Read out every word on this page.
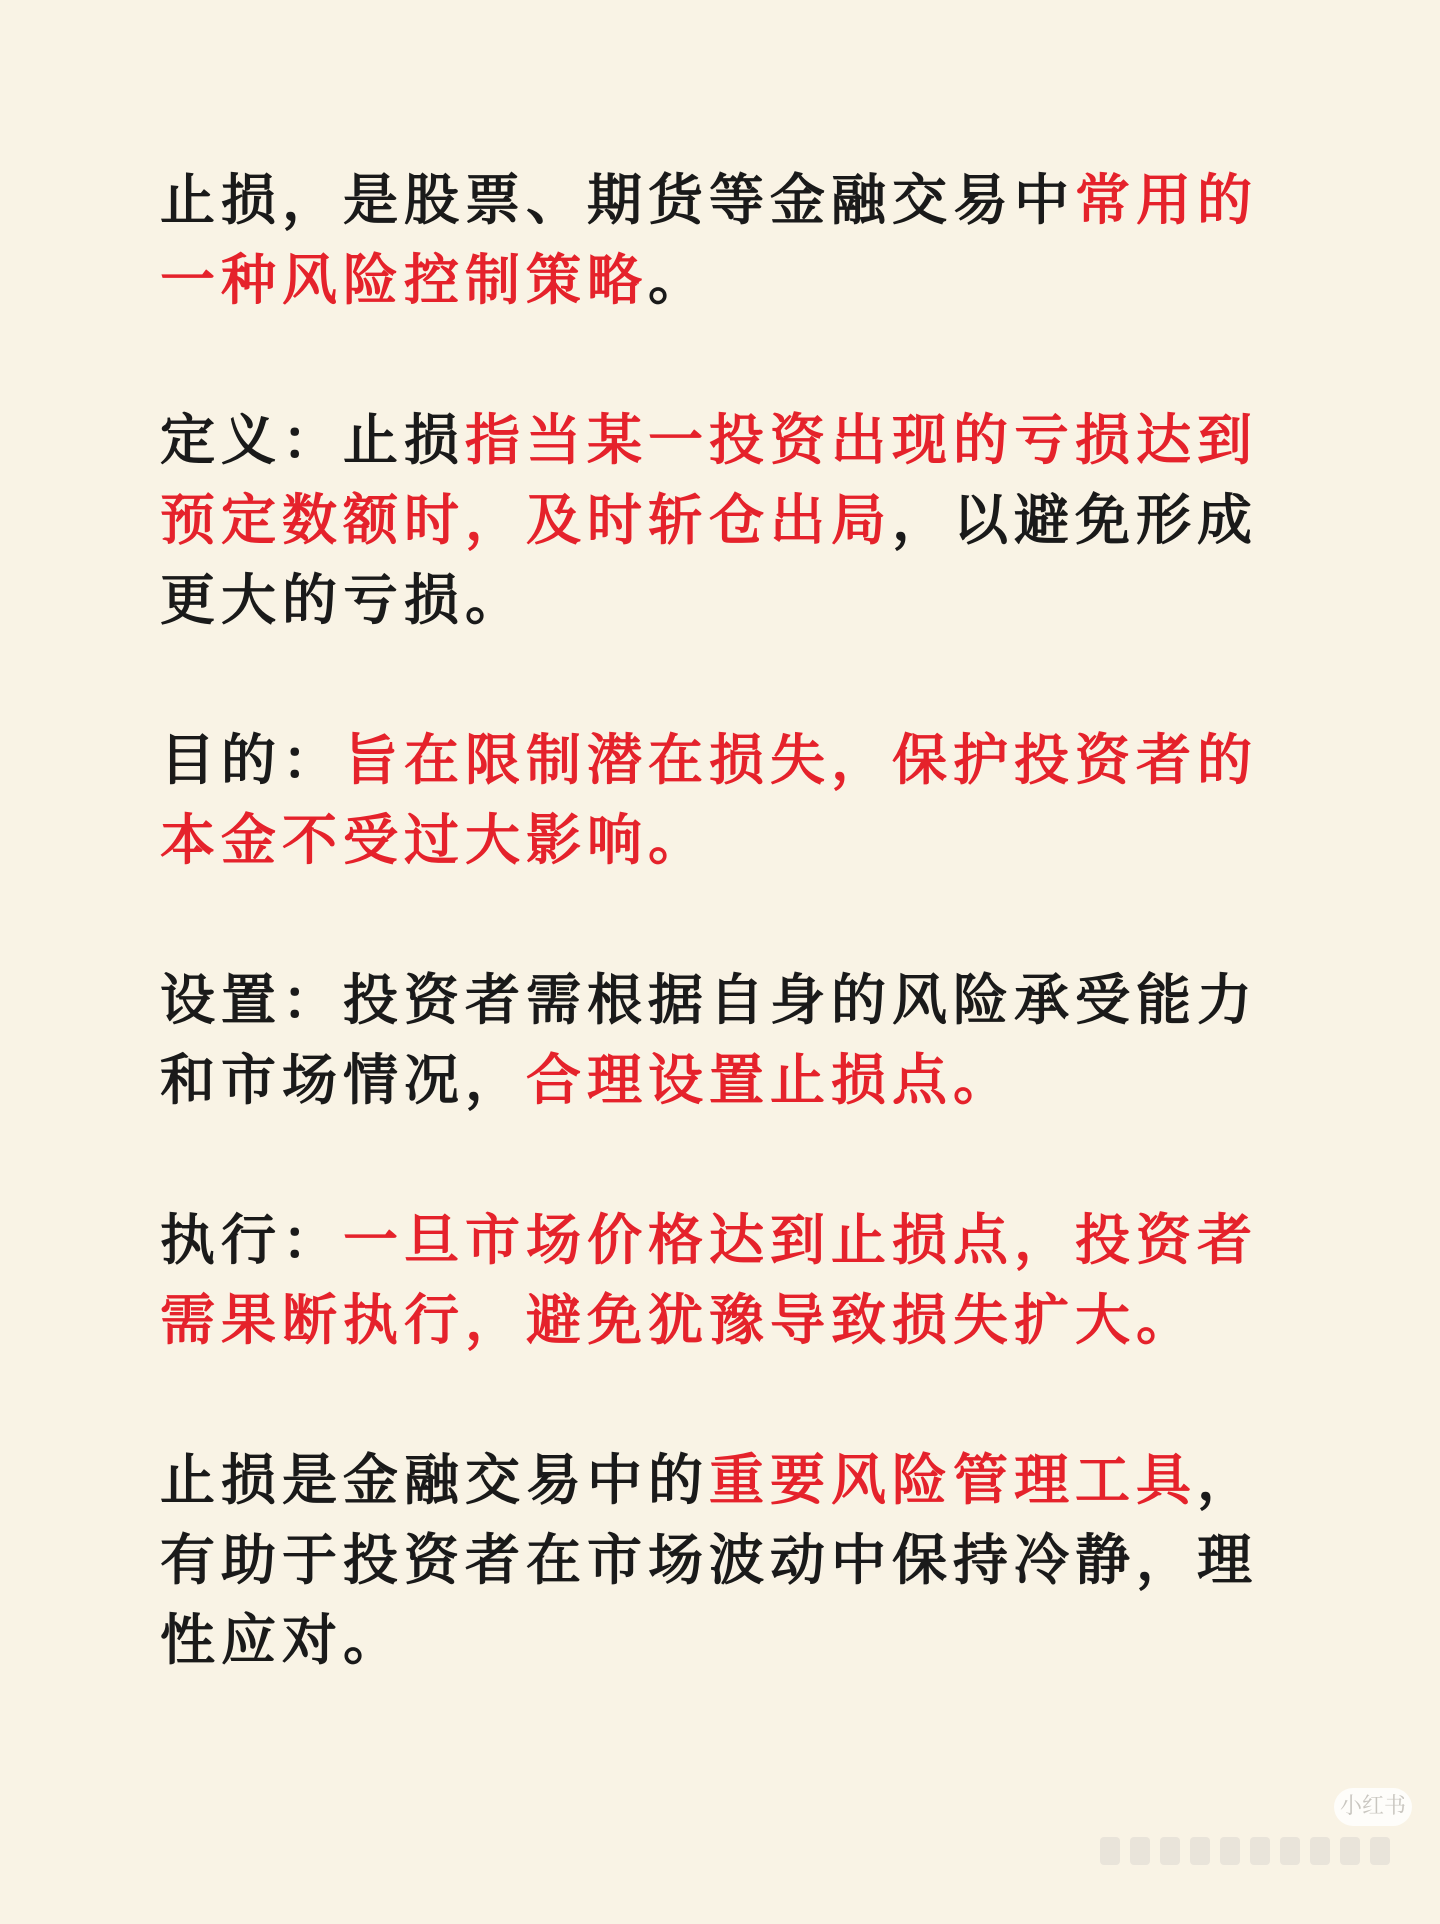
止损，是股票、期货等金融交易中常用的一种风险控制策略。

定义：止损指当某一投资出现的亏损达到预定数额时，及时斩仓出局，以避免形成更大的亏损。

目的：旨在限制潜在损失，保护投资者的本金不受过大影响。

设置：投资者需根据自身的风险承受能力和市场情况，合理设置止损点。

执行：一旦市场价格达到止损点，投资者需果断执行，避免犹豫导致损失扩大。

止损是金融交易中的重要风险管理工具，有助于投资者在市场波动中保持冷静，理性应对。

小红书
